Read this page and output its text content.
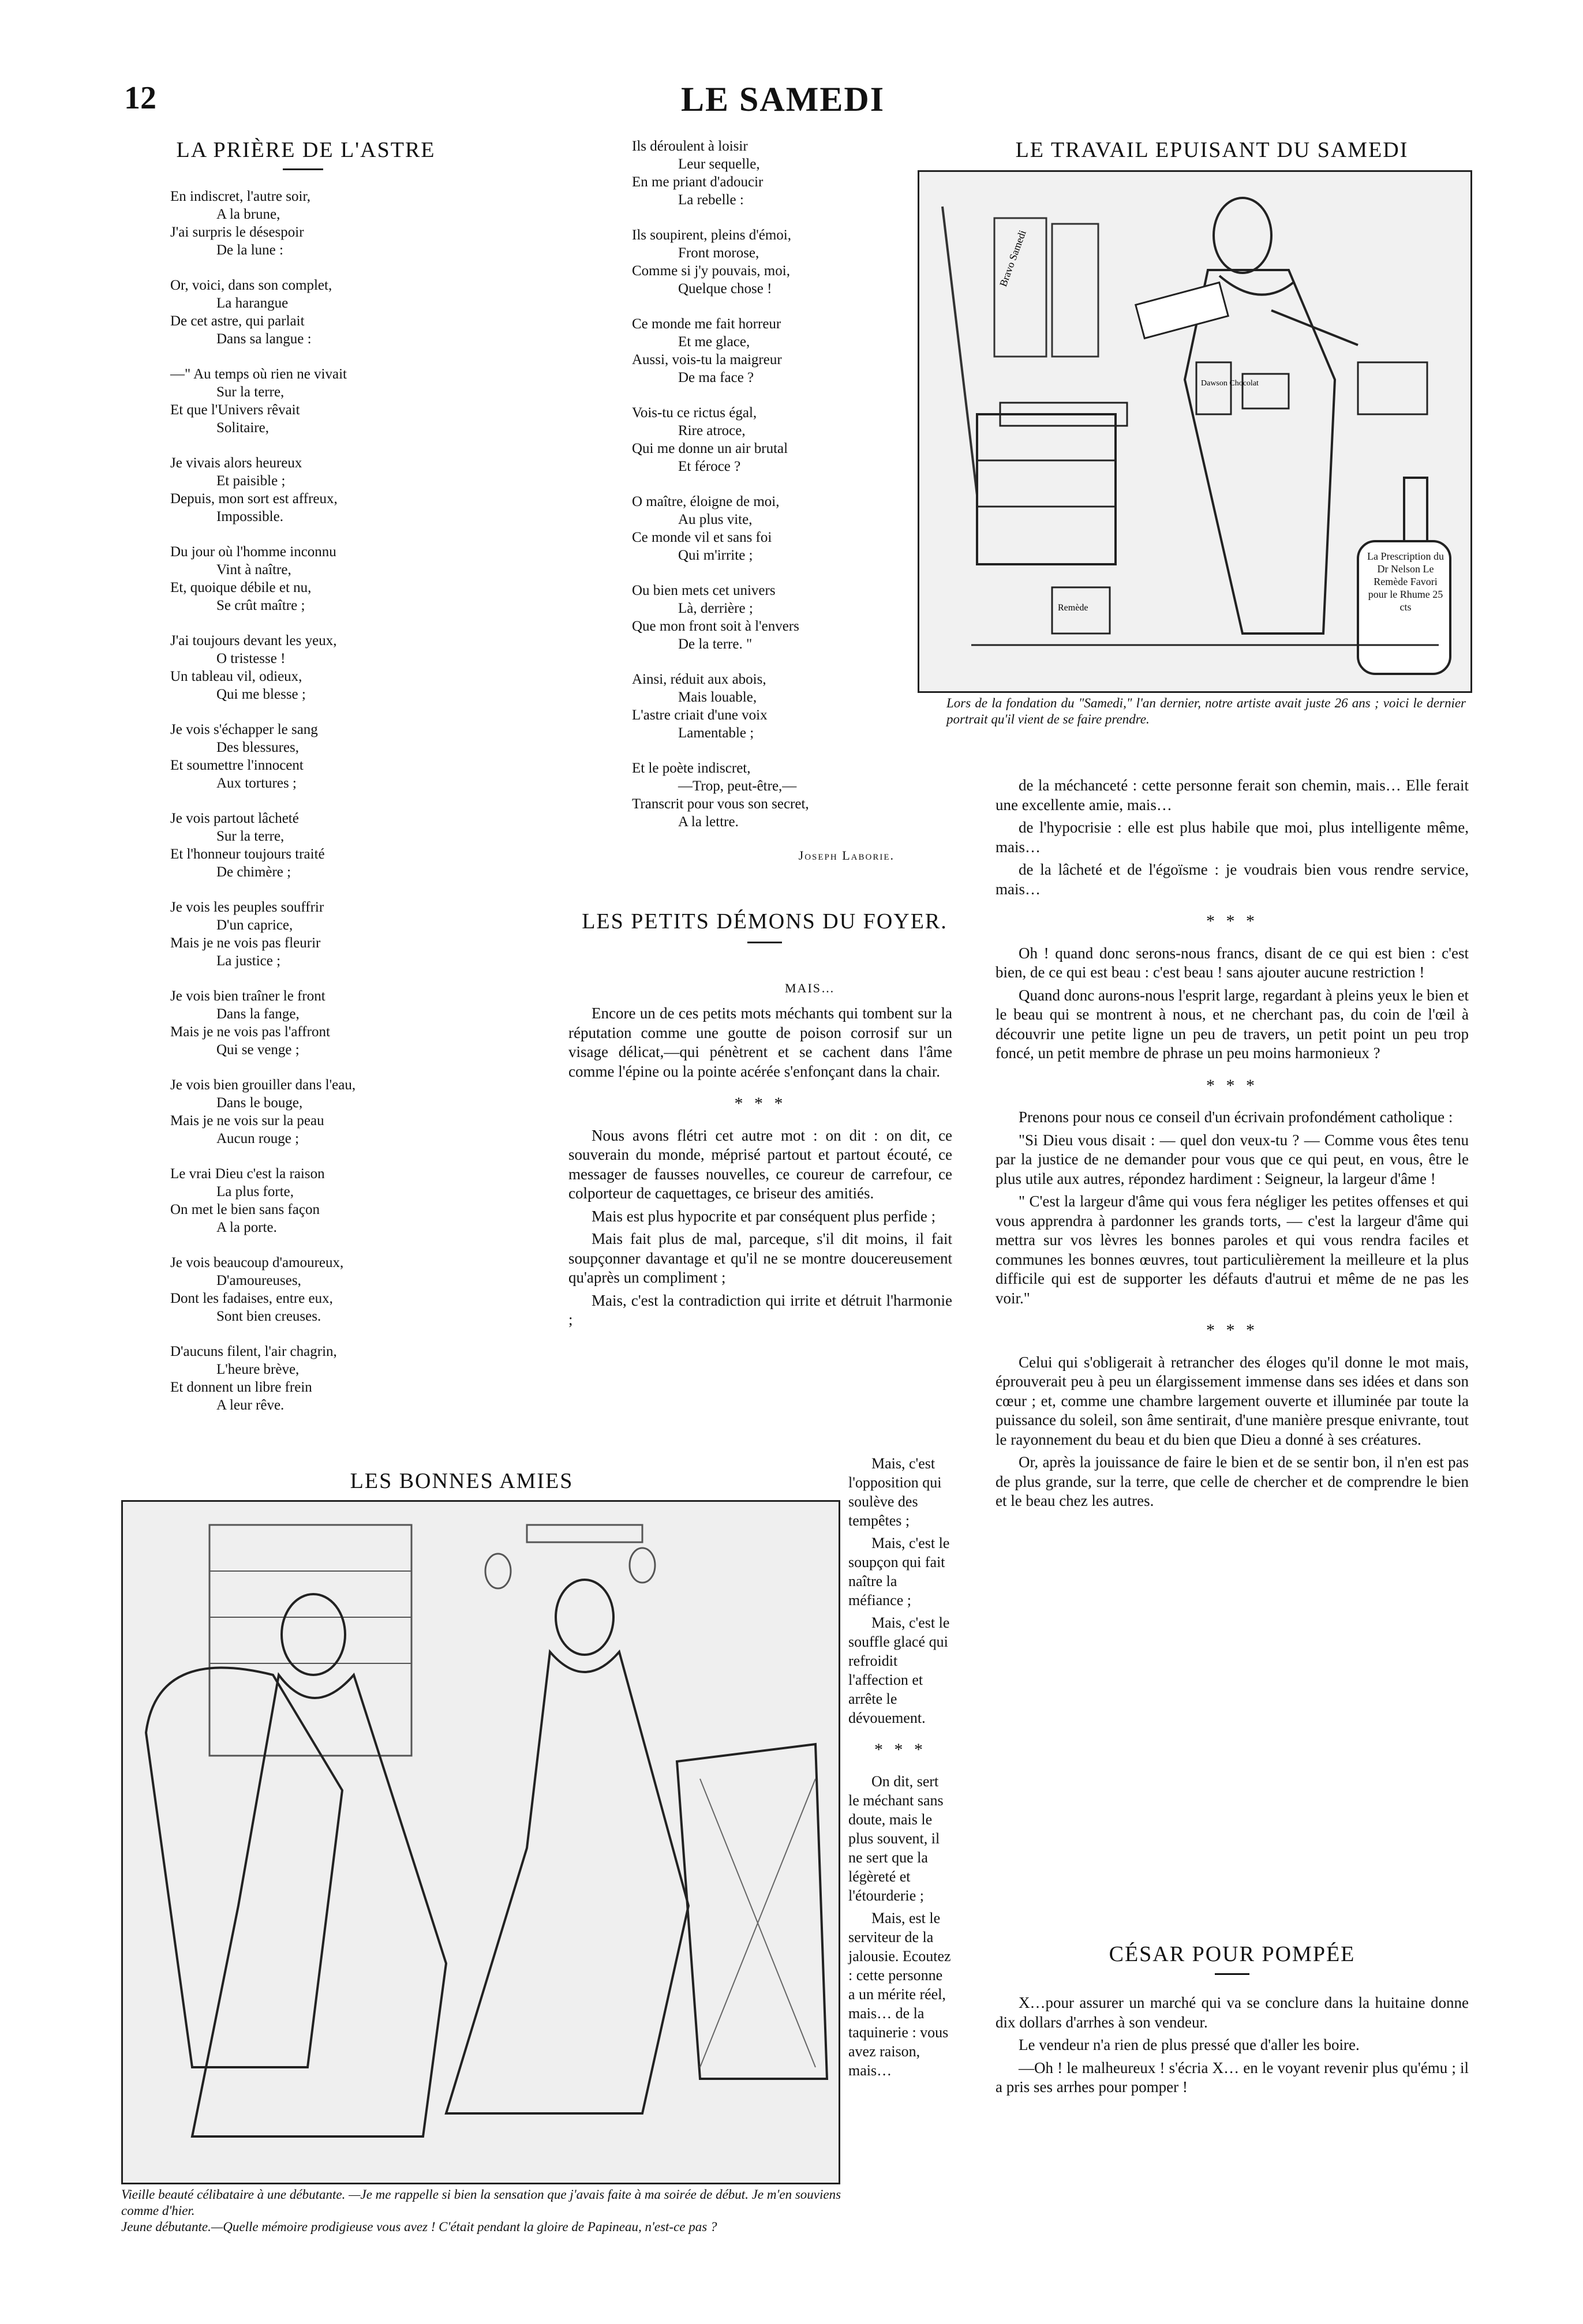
12	LE SAMEDI
LA PRIÈRE DE L'ASTRE
En indiscret, l'autre soir,
A la brune,
J'ai surpris le désespoir
De la lune :
Or, voici, dans son complet,
La harangue
De cet astre, qui parlait
Dans sa langue :
—" Au temps où rien ne vivait
Sur la terre,
Et que l'Univers rêvait
Solitaire,
Je vivais alors heureux
Et paisible ;
Depuis, mon sort est affreux,
Impossible.
Du jour où l'homme inconnu
Vint à naître,
Et, quoique débile et nu,
Se crût maître ;
J'ai toujours devant les yeux,
O tristesse !
Un tableau vil, odieux,
Qui me blesse ;
Je vois s'échapper le sang
Des blessures,
Et soumettre l'innocent
Aux tortures ;
Je vois partout lâcheté
Sur la terre,
Et l'honneur toujours traité
De chimère ;
Je vois les peuples souffrir
D'un caprice,
Mais je ne vois pas fleurir
La justice ;
Je vois bien traîner le front
Dans la fange,
Mais je ne vois pas l'affront
Qui se venge ;
Je vois bien grouiller dans l'eau,
Dans le bouge,
Mais je ne vois sur la peau
Aucun rouge ;
Le vrai Dieu c'est la raison
La plus forte,
On met le bien sans façon
A la porte.
Je vois beaucoup d'amoureux,
D'amoureuses,
Dont les fadaises, entre eux,
Sont bien creuses.
D'aucuns filent, l'air chagrin,
L'heure brève,
Et donnent un libre frein
A leur rêve.
Ils déroulent à loisir
Leur sequelle,
En me priant d'adoucir
La rebelle :
Ils soupirent, pleins d'émoi,
Front morose,
Comme si j'y pouvais, moi,
Quelque chose !
Ce monde me fait horreur
Et me glace,
Aussi, vois-tu la maigreur
De ma face ?
Vois-tu ce rictus égal,
Rire atroce,
Qui me donne un air brutal
Et féroce ?
O maître, éloigne de moi,
Au plus vite,
Ce monde vil et sans foi
Qui m'irrite ;
Ou bien mets cet univers
Là, derrière ;
Que mon front soit à l'envers
De la terre. "
Ainsi, réduit aux abois,
Mais louable,
L'astre criait d'une voix
Lamentable ;
Et le poète indiscret,
—Trop, peut-être,—
Transcrit pour vous son secret,
A la lettre.
Joseph Laborie.
LES PETITS DÉMONS DU FOYER.
MAIS…

Encore un de ces petits mots méchants qui tombent sur la réputation comme une goutte de poison corrosif sur un visage délicat,—qui pénètrent et se cachent dans l'âme comme l'épine ou la pointe acérée s'enfonçant dans la chair.

* * *

Nous avons flétri cet autre mot : on dit : on dit, ce souverain du monde, méprisé partout et partout écouté, ce messager de fausses nouvelles, ce coureur de carrefour, ce colporteur de caquettages, ce briseur des amitiés.

Mais est plus hypocrite et par conséquent plus perfide ;

Mais fait plus de mal, parceque, s'il dit moins, il fait soupçonner davantage et qu'il ne se montre doucereusement qu'après un compliment ;

Mais, c'est la contradiction qui irrite et détruit l'harmonie ;

Mais, c'est l'opposition qui soulève des tempêtes ;

Mais, c'est le soupçon qui fait naître la méfiance ;

Mais, c'est le souffle glacé qui refroidit l'affection et arrête le dévouement.

* * *

On dit, sert le méchant sans doute, mais le plus souvent, il ne sert que la légèreté et l'étourderie ;

Mais, est le serviteur de la jalousie. Ecoutez : cette personne a un mérite réel, mais… de la taquinerie : vous avez raison, mais…

LE TRAVAIL EPUISANT DU SAMEDI
Bravo Samedi
Dawson Chocolat
Remède
La Prescription du Dr Nelson Le Remède Favori pour le Rhume 25 cts
Lors de la fondation du "Samedi," l'an dernier, notre artiste avait juste 26 ans ; voici le dernier portrait qu'il vient de se faire prendre.

de la méchanceté : cette personne ferait son chemin, mais… Elle ferait une excellente amie, mais…

de l'hypocrisie : elle est plus habile que moi, plus intelligente même, mais…

de la lâcheté et de l'égoïsme : je voudrais bien vous rendre service, mais…

* * *

Oh ! quand donc serons-nous francs, disant de ce qui est bien : c'est bien, de ce qui est beau : c'est beau ! sans ajouter aucune restriction !

Quand donc aurons-nous l'esprit large, regardant à pleins yeux le bien et le beau qui se montrent à nous, et ne cherchant pas, du coin de l'œil à découvrir une petite ligne un peu de travers, un petit point un peu trop foncé, un petit membre de phrase un peu moins harmonieux ?

* * *

Prenons pour nous ce conseil d'un écrivain profondément catholique :

"Si Dieu vous disait : — quel don veux-tu ? — Comme vous êtes tenu par la justice de ne demander pour vous que ce qui peut, en vous, être le plus utile aux autres, répondez hardiment : Seigneur, la largeur d'âme !

" C'est la largeur d'âme qui vous fera négliger les petites offenses et qui vous apprendra à pardonner les grands torts, — c'est la largeur d'âme qui mettra sur vos lèvres les bonnes paroles et qui vous rendra faciles et communes les bonnes œuvres, tout particulièrement la meilleure et la plus difficile qui est de supporter les défauts d'autrui et même de ne pas les voir."

* * *

Celui qui s'obligerait à retrancher des éloges qu'il donne le mot mais, éprouverait peu à peu un élargissement immense dans ses idées et dans son cœur ; et, comme une chambre largement ouverte et illuminée par toute la puissance du soleil, son âme sentirait, d'une manière presque enivrante, tout le rayonnement du beau et du bien que Dieu a donné à ses créatures.

Or, après la jouissance de faire le bien et de se sentir bon, il n'en est pas de plus grande, sur la terre, que celle de chercher et de comprendre le bien et le beau chez les autres.

CÉSAR POUR POMPÉE

X…pour assurer un marché qui va se conclure dans la huitaine donne dix dollars d'arrhes à son vendeur.

Le vendeur n'a rien de plus pressé que d'aller les boire.

—Oh ! le malheureux ! s'écria X… en le voyant revenir plus qu'ému ; il a pris ses arrhes pour pomper !

LES BONNES AMIES
Vieille beauté célibataire à une débutante. —Je me rappelle si bien la sensation que j'avais faite à ma soirée de début. Je m'en souviens comme d'hier.
Jeune débutante.—Quelle mémoire prodigieuse vous avez ! C'était pendant la gloire de Papineau, n'est-ce pas ?
